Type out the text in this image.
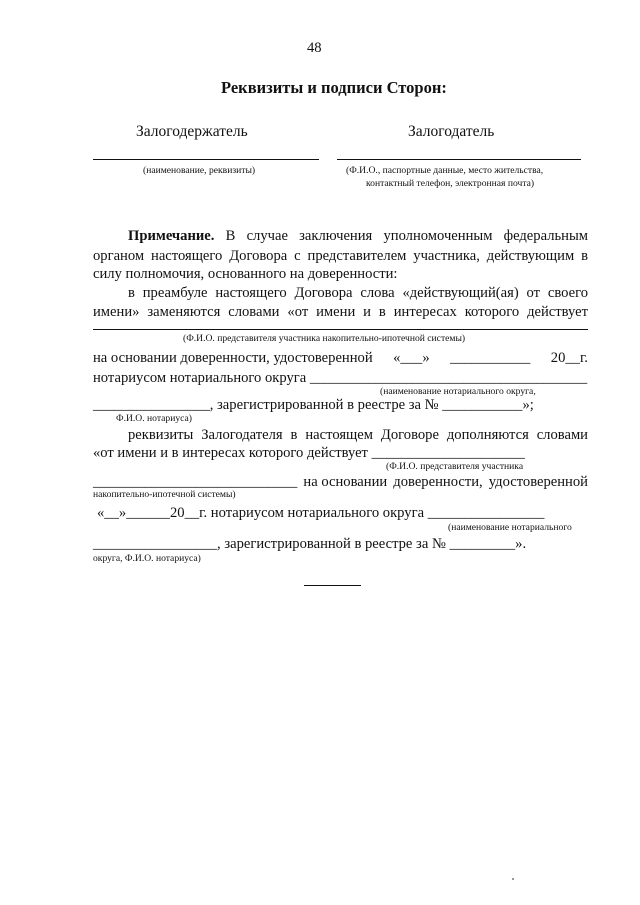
48
Реквизиты и подписи Сторон:
Залогодержатель	Залогодатель
(наименование, реквизиты)	(Ф.И.О., паспортные данные, место жительства,
контактный телефон, электронная почта)
Примечание. В случае заключения уполномоченным федеральным
органом настоящего Договора с представителем участника, действующим в
силу полномочия, основанного на доверенности:
в преамбуле настоящего Договора слова «действующий(ая) от своего
имени» заменяются словами «от имени и в интересах которого действует
(Ф.И.О. представителя участника накопительно-ипотечной системы)
на основании доверенности, удостоверенной «___» ___________ 20__г.
нотариусом нотариального округа ______________________________________
(наименование нотариального округа,
________________, зарегистрированной в реестре за № ___________»;
Ф.И.О. нотариуса)
реквизиты Залогодателя в настоящем Договоре дополняются словами
«от имени и в интересах которого действует _____________________
(Ф.И.О. представителя участника
____________________________ на основании доверенности, удостоверенной
накопительно-ипотечной системы)
«__»______20__г. нотариусом нотариального округа ________________
(наименование нотариального
_________________, зарегистрированной в реестре за № _________».
округа, Ф.И.О. нотариуса)
